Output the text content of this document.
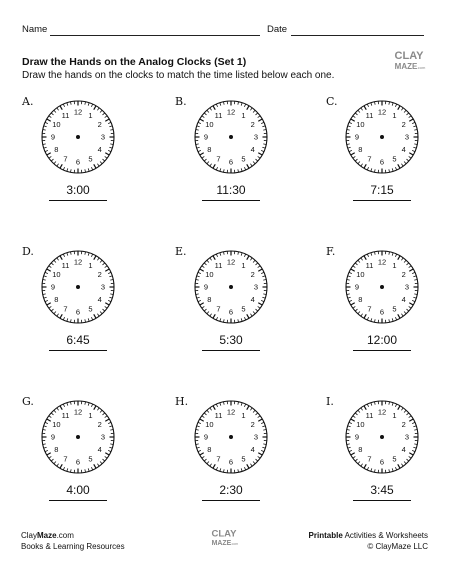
Name	Date
Draw the Hands on the Analog Clocks (Set 1)
Draw the hands on the clocks to match the time listed below each one.
CLAY
MAZE .com
A.
12 1
2
3
4
5
6
7
8
9
10
11
3:00
B.
12 1
2
3
4
5
6
7
8
9
10
11
11:30
C.
12 1
2
3
4
5
6
7
8
9
10
11
7:15
D.
12 1
2
3
4
5
6
7
8
9
10
11
6:45
E.
12 1
2
3
4
5
6
7
8
9
10
11
5:30
F.
12 1
2
3
4
5
6
7
8
9
10
11
12:00
G.
12 1
2
3
4
5
6
7
8
9
10
11
4:00
H.
12 1
2
3
4
5
6
7
8
9
10
11
2:30
I.
12 1
2
3
4
5
6
7
8
9
10
11
3:45
ClayMaze.com
Books & Learning Resources
CLAY
MAZE .com
Printable Activities & Worksheets
© ClayMaze LLC
